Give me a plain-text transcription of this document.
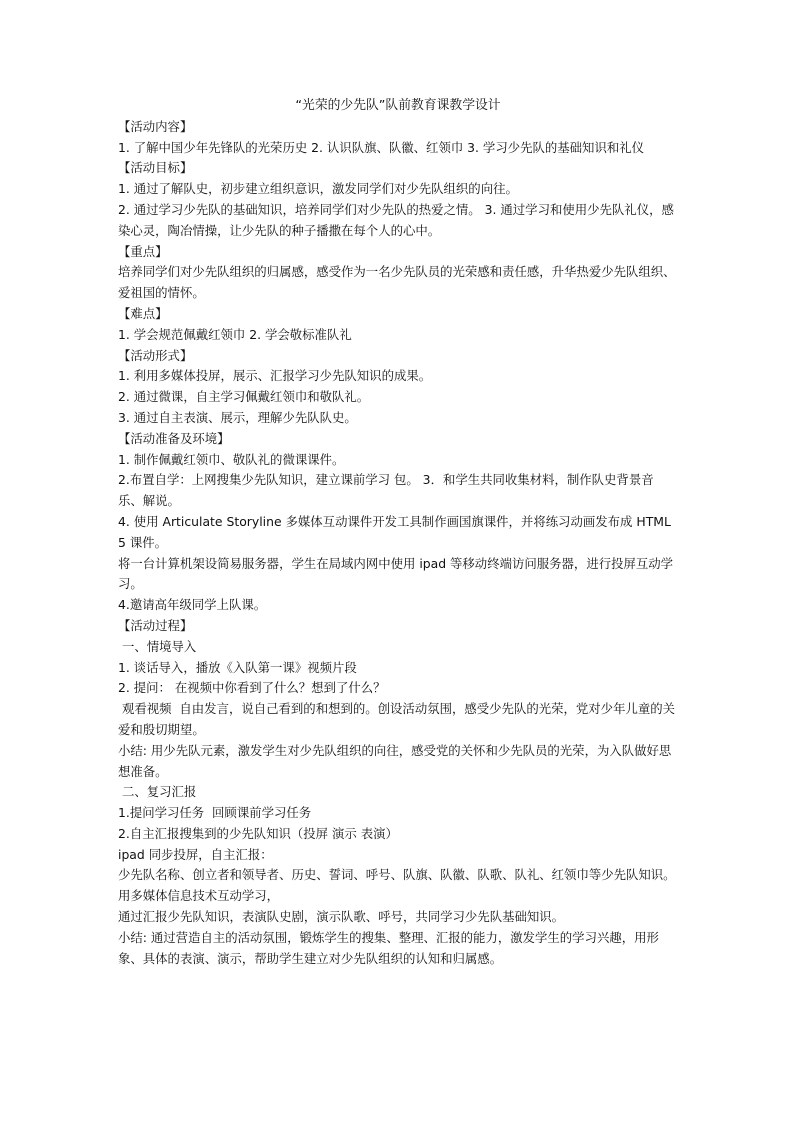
“光荣的少先队”队前教育课教学设计
【活动内容】
1. 了解中国少年先锋队的光荣历史 2. 认识队旗、队徽、红领巾 3. 学习少先队的基础知识和礼仪
【活动目标】
1. 通过了解队史，初步建立组织意识，激发同学们对少先队组织的向往。
2. 通过学习少先队的基础知识，培养同学们对少先队的热爱之情。 3. 通过学习和使用少先队礼仪，感染心灵，陶冶情操，让少先队的种子播撒在每个人的心中。
【重点】
培养同学们对少先队组织的归属感，感受作为一名少先队员的光荣感和责任感，升华热爱少先队组织、爱祖国的情怀。
【难点】
1. 学会规范佩戴红领巾 2. 学会敬标准队礼
【活动形式】
1. 利用多媒体投屏，展示、汇报学习少先队知识的成果。
2. 通过微课，自主学习佩戴红领巾和敬队礼。
3. 通过自主表演、展示，理解少先队队史。
【活动准备及环境】
1. 制作佩戴红领巾、敬队礼的微课课件。
2.布置自学：上网搜集少先队知识，建立课前学习 包。 3．和学生共同收集材料，制作队史背景音乐、解说。
4. 使用 Articulate Storyline 多媒体互动课件开发工具制作画国旗课件，并将练习动画发布成 HTML5 课件。
将一台计算机架设简易服务器，学生在局域内网中使用 ipad 等移动终端访问服务器，进行投屏互动学习。
4.邀请高年级同学上队课。
【活动过程】
一、情境导入
1. 谈话导入，播放《入队第一课》视频片段
2. 提问： 在视频中你看到了什么？想到了什么？
观看视频  自由发言，说自己看到的和想到的。创设活动氛围，感受少先队的光荣，党对少年儿童的关爱和殷切期望。
小结: 用少先队元素，激发学生对少先队组织的向往，感受党的关怀和少先队员的光荣，为入队做好思想准备。
二、复习汇报
1.提问学习任务  回顾课前学习任务
2.自主汇报搜集到的少先队知识（投屏 演示 表演）
ipad 同步投屏，自主汇报：
少先队名称、创立者和领导者、历史、誓词、呼号、队旗、队徽、队歌、队礼、红领巾等少先队知识。
用多媒体信息技术互动学习，
通过汇报少先队知识，表演队史剧，演示队歌、呼号，共同学习少先队基础知识。
小结: 通过营造自主的活动氛围，锻炼学生的搜集、整理、汇报的能力，激发学生的学习兴趣，用形象、具体的表演、演示，帮助学生建立对少先队组织的认知和归属感。
